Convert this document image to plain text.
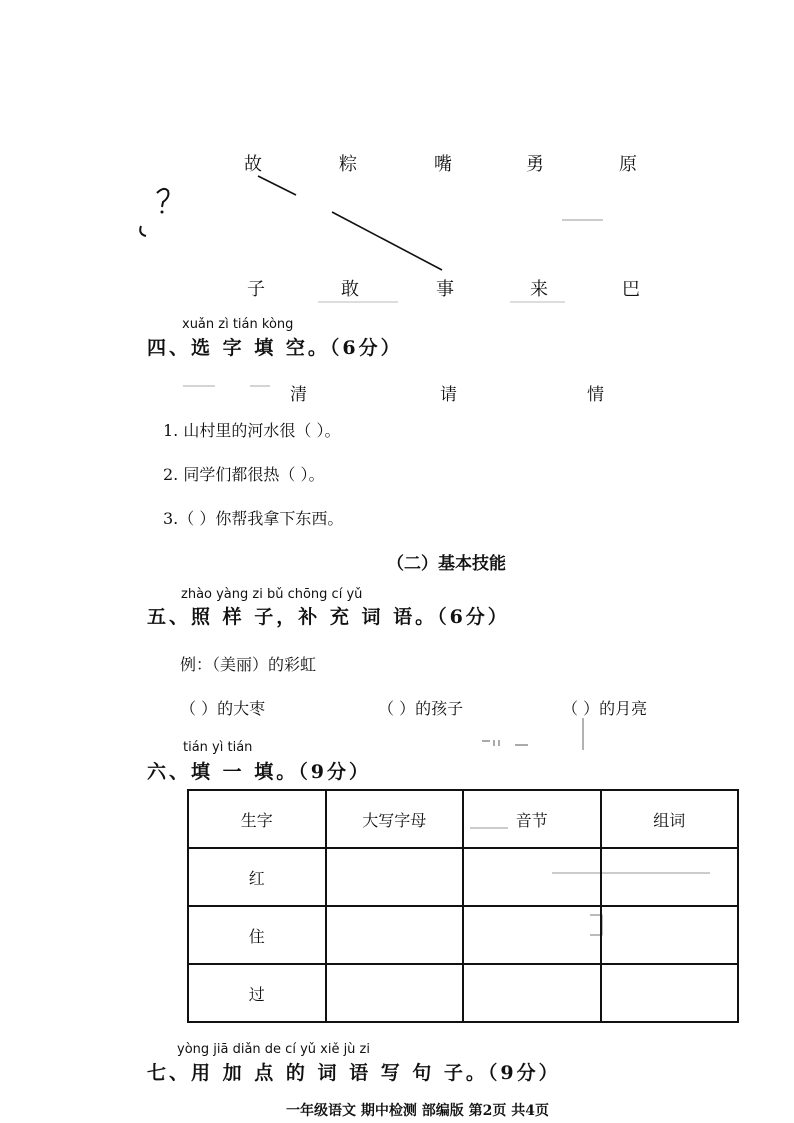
故	粽	嘴	勇	原
子	敢	事	来	巴
xuǎn zì tián kòng
四、选 字 填 空。（6分）
清	请	情
1. 山村里的河水很（ ）。
2. 同学们都很热（ ）。
3.（ ）你帮我拿下东西。
（二）基本技能
zhào yàng zi bǔ chōng cí yǔ
五、照 样 子，补 充 词 语。（6分）
例：（美丽）的彩虹
（ ）的大枣	（ ）的孩子	（ ）的月亮
tián yì tián
六、填 一 填。（9分）
生字	大写字母	音节	组词
红			
住			
过			
yòng jiā diǎn de cí yǔ xiě jù zi
七、用 加 点 的 词 语 写 句 子。（9分）
一年级语文 期中检测 部编版 第2页 共4页
